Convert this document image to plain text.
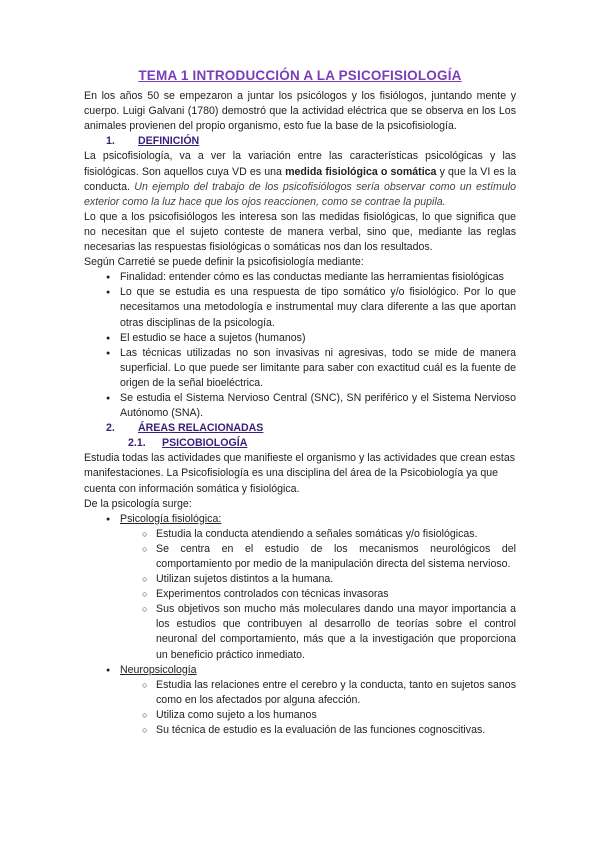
TEMA 1 INTRODUCCIÓN A LA PSICOFISIOLOGÍA

En los años 50 se empezaron a juntar los psicólogos y los fisiólogos, juntando mente y cuerpo. Luigi Galvani (1780) demostró que la actividad eléctrica que se observa en los Los animales provienen del propio organismo, esto fue la base de la psicofisiología.

1. DEFINICIÓN

La psicofisiología, va a ver la variación entre las características psicológicas y las fisiológicas. Son aquellos cuya VD es una medida fisiológica o somática y que la VI es la conducta. Un ejemplo del trabajo de los psicofisiólogos sería observar como un estímulo exterior como la luz hace que los ojos reaccionen, como se contrae la pupila.

Lo que a los psicofisiólogos les interesa son las medidas fisiológicas, lo que significa que no necesitan que el sujeto conteste de manera verbal, sino que, mediante las reglas necesarias las respuestas fisiológicas o somáticas nos dan los resultados.

Según Carretié se puede definir la psicofisiología mediante:

● Finalidad: entender cómo es las conductas mediante las herramientas fisiológicas
● Lo que se estudia es una respuesta de tipo somático y/o fisiológico. Por lo que necesitamos una metodología e instrumental muy clara diferente a las que aportan otras disciplinas de la psicología.
● El estudio se hace a sujetos (humanos)
● Las técnicas utilizadas no son invasivas ni agresivas, todo se mide de manera superficial. Lo que puede ser limitante para saber con exactitud cuál es la fuente de origen de la señal bioeléctrica.
● Se estudia el Sistema Nervioso Central (SNC), SN periférico y el Sistema Nervioso Autónomo (SNA).

2. ÁREAS RELACIONADAS

2.1. PSICOBIOLOGÍA

Estudia todas las actividades que manifieste el organismo y las actividades que crean estas manifestaciones. La Psicofisiología es una disciplina del área de la Psicobiología ya que cuenta con información somática y fisiológica.

De la psicología surge:

● Psicología fisiológica:
○ Estudia la conducta atendiendo a señales somáticas y/o fisiológicas.
○ Se centra en el estudio de los mecanismos neurológicos del comportamiento por medio de la manipulación directa del sistema nervioso.
○ Utilizan sujetos distintos a la humana.
○ Experimentos controlados con técnicas invasoras
○ Sus objetivos son mucho más moleculares dando una mayor importancia a los estudios que contribuyen al desarrollo de teorías sobre el control neuronal del comportamiento, más que a la investigación que proporciona un beneficio práctico inmediato.
● Neuropsicología
○ Estudia las relaciones entre el cerebro y la conducta, tanto en sujetos sanos como en los afectados por alguna afección.
○ Utiliza como sujeto a los humanos
○ Su técnica de estudio es la evaluación de las funciones cognoscitivas.
